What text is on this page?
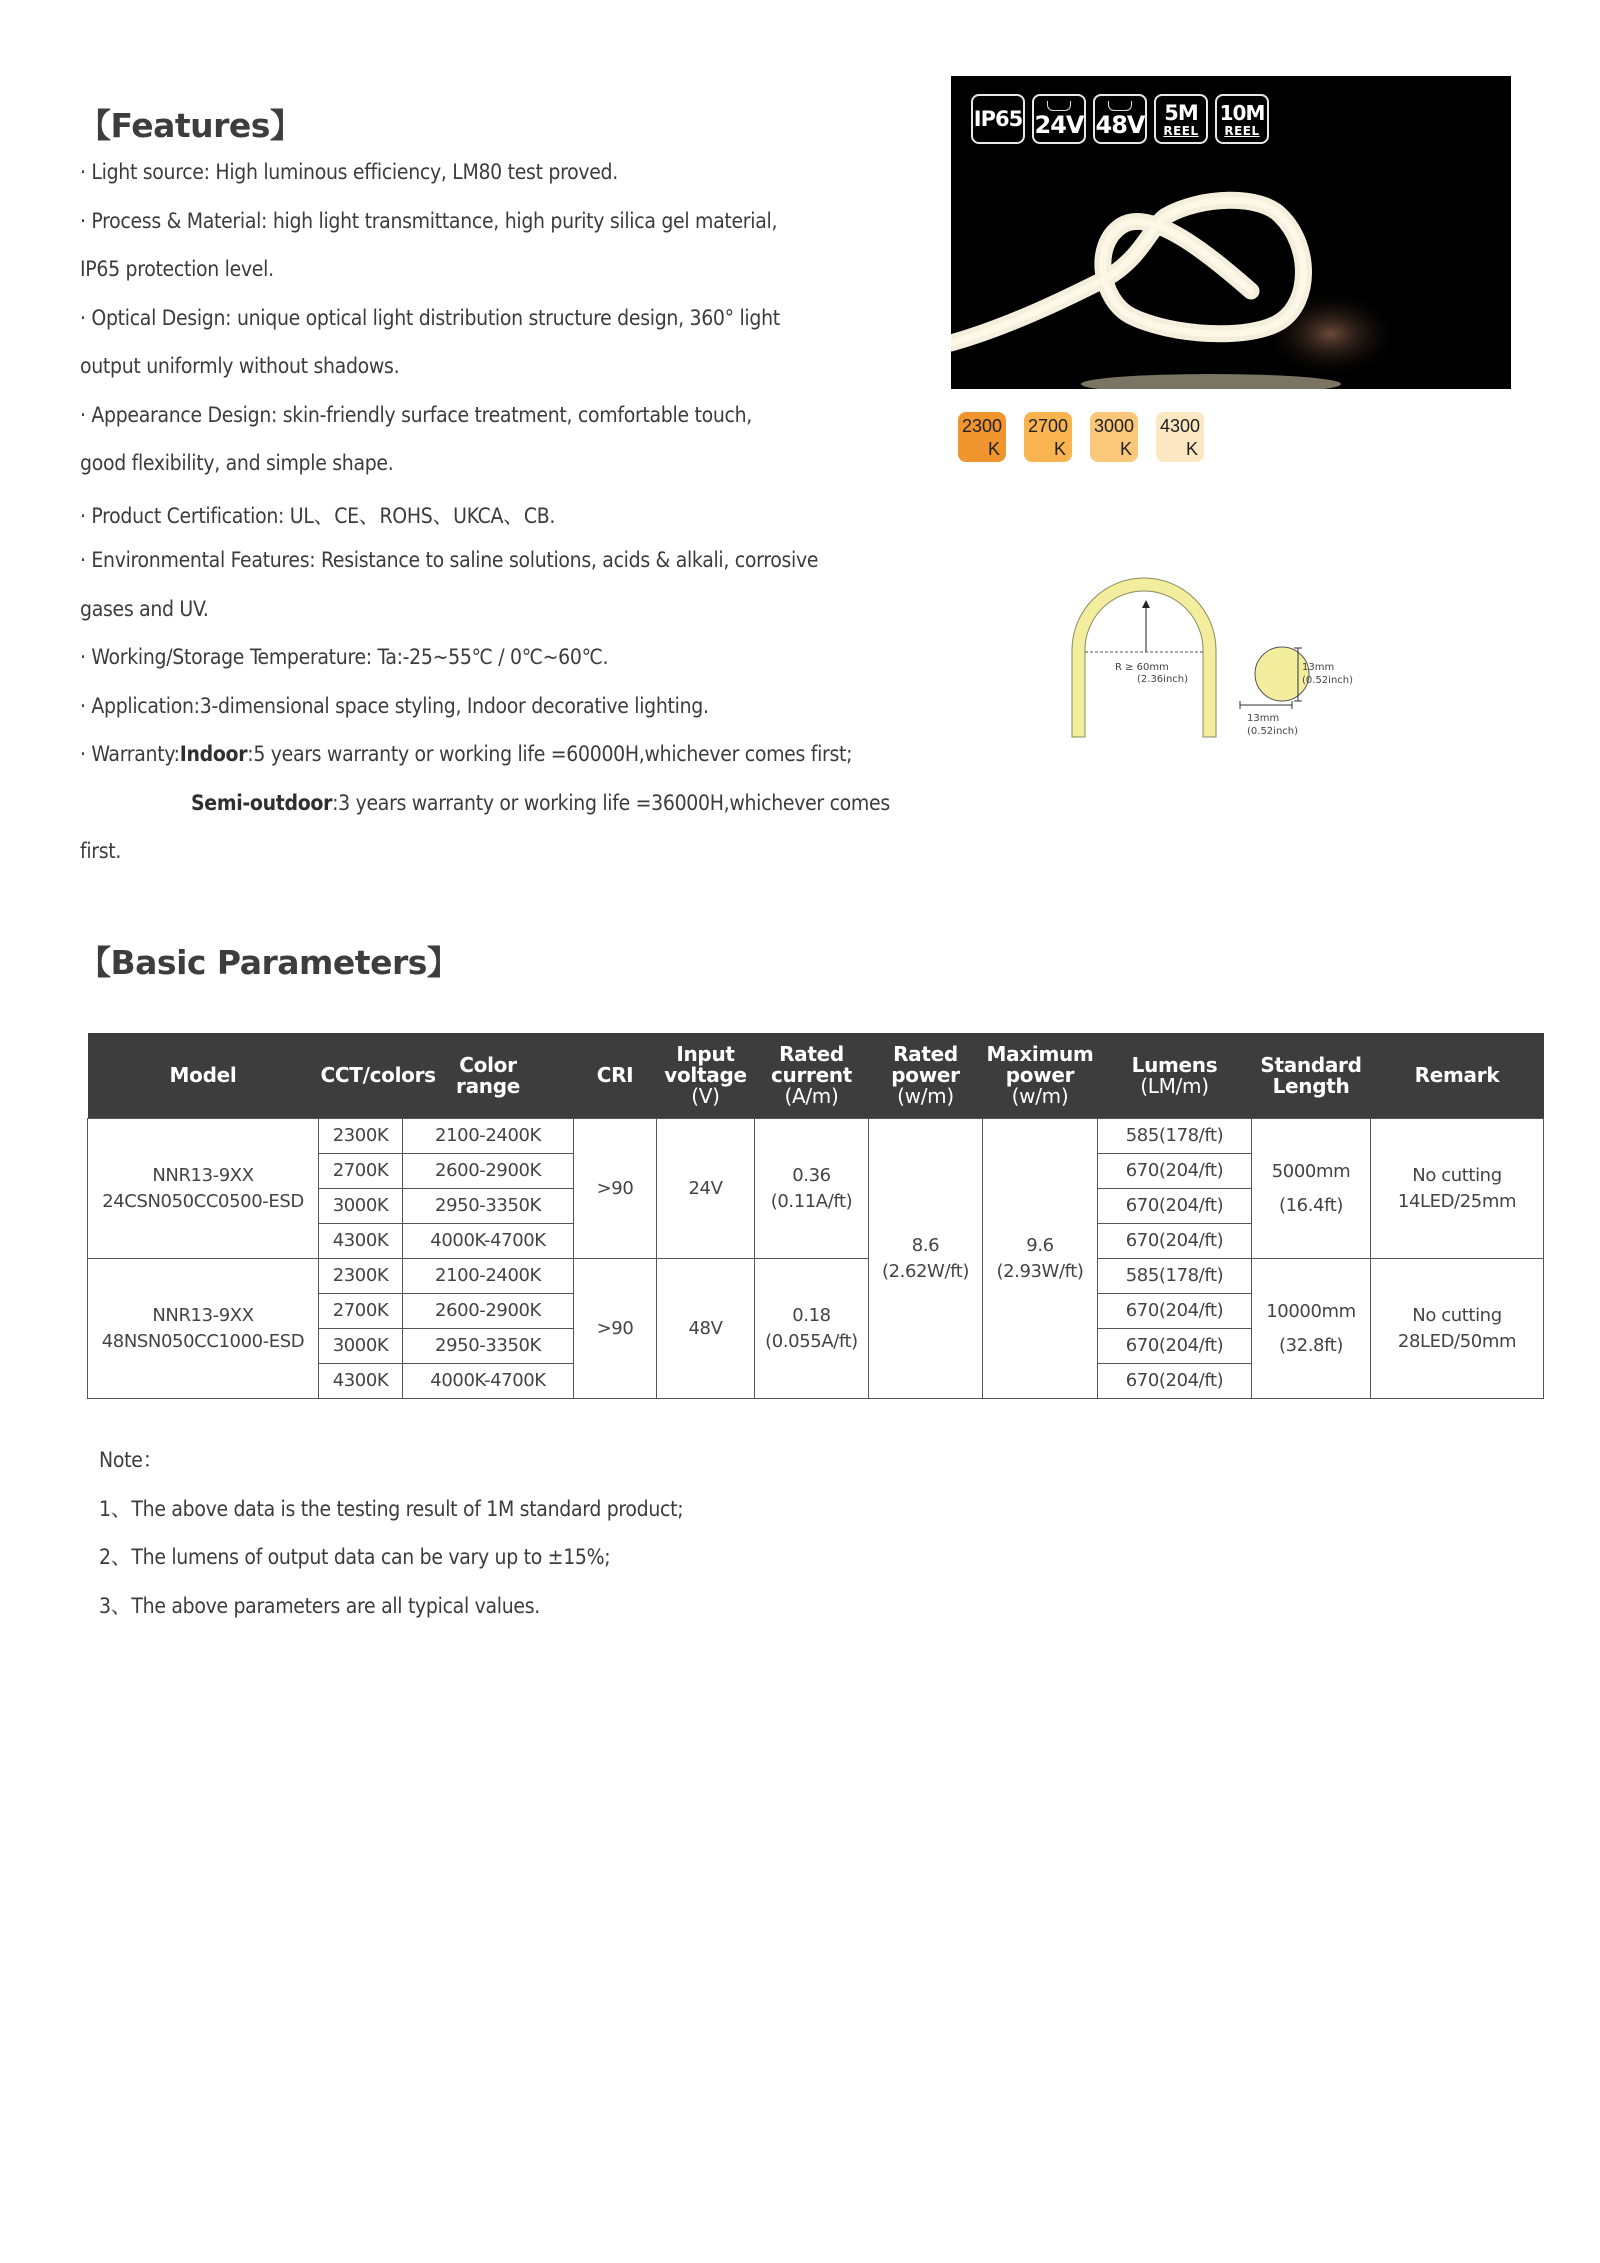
【Features】
· Light source: High luminous efficiency, LM80 test proved.
· Process & Material: high light transmittance, high purity silica gel material,
IP65 protection level.
· Optical Design: unique optical light distribution structure design, 360° light
output uniformly without shadows.
· Appearance Design: skin-friendly surface treatment, comfortable touch,
good flexibility, and simple shape.
· Product Certification: UL、CE、ROHS、UKCA、CB.
· Environmental Features: Resistance to saline solutions, acids & alkali, corrosive
gases and UV.
· Working/Storage Temperature: Ta:-25~55℃ / 0℃~60℃.
· Application:3-dimensional space styling, Indoor decorative lighting.
· Warranty:Indoor:5 years warranty or working life =60000H,whichever comes first;
Semi-outdoor:3 years warranty or working life =36000H,whichever comes
first.
IP65 24V 48V 5M
REEL
10M
REEL
2300
K
2700
K
3000
K
4300
K
R ≥ 60mm
(2.36inch)
13mm
(0.52inch)
13mm
(0.52inch)
【Basic Parameters】
Model	CCT/colors	Color
range	CRI	Input
voltage
(V)	Rated
current
(A/m)	Rated
power
(w/m)	Maximum
power
(w/m)	Lumens
(LM/m)	Standard
Length	Remark
NNR13-9XX
24CSN050CC0500-ESD	2300K	2100-2400K	>90	24V	0.36
(0.11A/ft)	8.6
(2.62W/ft)	9.6
(2.93W/ft)	585(178/ft)	5000mm
(16.4ft)	No cutting
14LED/25mm
	2700K	2600-2900K						670(204/ft)		
	3000K	2950-3350K						670(204/ft)		
	4300K	4000K-4700K						670(204/ft)		
NNR13-9XX
48NSN050CC1000-ESD	2300K	2100-2400K	>90	48V	0.18
(0.055A/ft)			585(178/ft)	10000mm
(32.8ft)	No cutting
28LED/50mm
	2700K	2600-2900K						670(204/ft)		
	3000K	2950-3350K						670(204/ft)		
	4300K	4000K-4700K						670(204/ft)		
Note：
1、The above data is the testing result of 1M standard product;
2、The lumens of output data can be vary up to ±15%;
3、The above parameters are all typical values.
